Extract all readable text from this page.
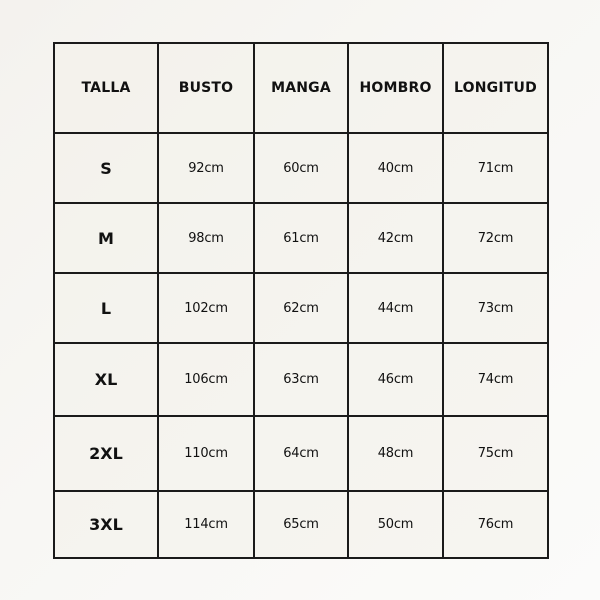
TALLA	BUSTO	MANGA	HOMBRO	LONGITUD
S	92cm	60cm	40cm	71cm
M	98cm	61cm	42cm	72cm
L	102cm	62cm	44cm	73cm
XL	106cm	63cm	46cm	74cm
2XL	110cm	64cm	48cm	75cm
3XL	114cm	65cm	50cm	76cm
